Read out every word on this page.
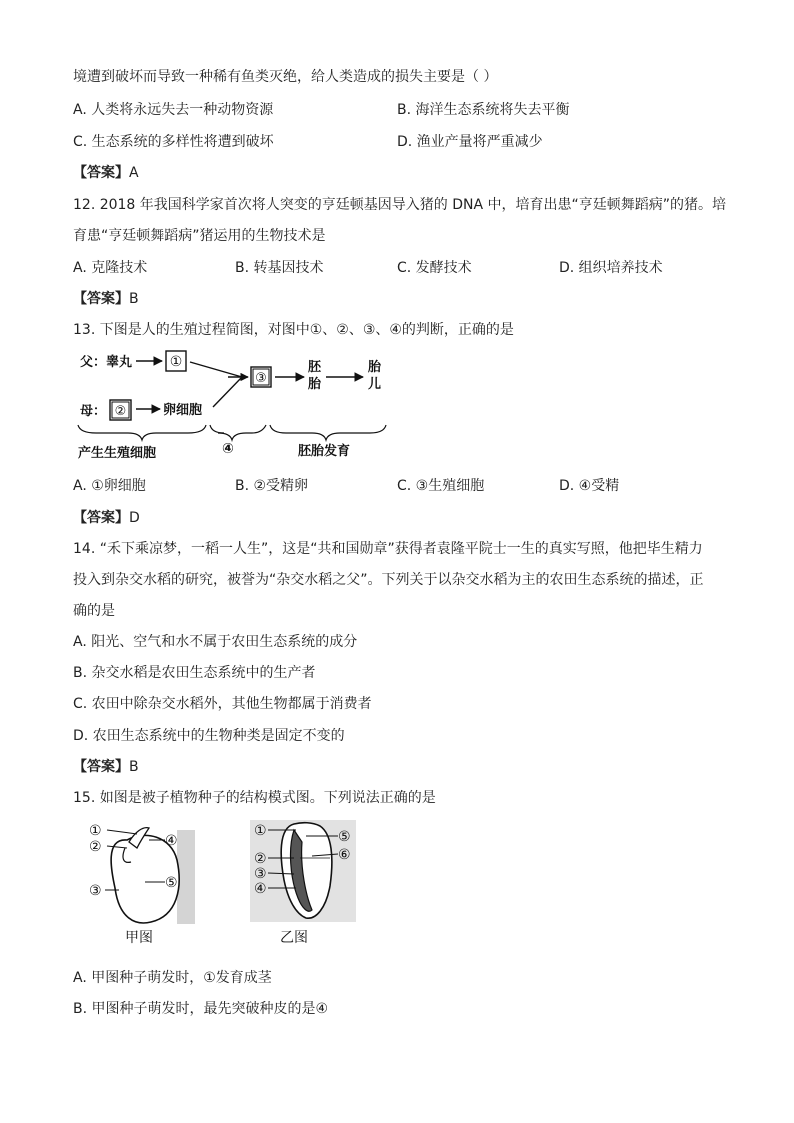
境遭到破坏而导致一种稀有鱼类灭绝，给人类造成的损失主要是（ ）
A. 人类将永远失去一种动物资源	B. 海洋生态系统将失去平衡
C. 生态系统的多样性将遭到破坏	D. 渔业产量将严重减少
【答案】A
12. 2018 年我国科学家首次将人突变的亨廷顿基因导入猪的 DNA 中，培育出患“亨廷顿舞蹈病”的猪。培
育患“亨廷顿舞蹈病”猪运用的生物技术是
A. 克隆技术	B. 转基因技术	C. 发酵技术	D. 组织培养技术
【答案】B
13. 下图是人的生殖过程简图，对图中①、②、③、④的判断，正确的是
父：睾丸	①
③
胚
胎
胎
儿
母： ②	卵细胞
产生生殖细胞	④	胚胎发育
A. ①卵细胞	B. ②受精卵	C. ③生殖细胞	D. ④受精
【答案】D
14. “禾下乘凉梦，一稻一人生”，这是“共和国勋章”获得者袁隆平院士一生的真实写照，他把毕生精力
投入到杂交水稻的研究，被誉为“杂交水稻之父”。下列关于以杂交水稻为主的农田生态系统的描述，正
确的是
A. 阳光、空气和水不属于农田生态系统的成分
B. 杂交水稻是农田生态系统中的生产者
C. 农田中除杂交水稻外，其他生物都属于消费者
D. 农田生态系统中的生物种类是固定不变的
【答案】B
15. 如图是被子植物种子的结构模式图。下列说法正确的是
①
②	④
③	⑤
甲图
①	⑤
⑥
②
③
④
乙图
A. 甲图种子萌发时，①发育成茎
B. 甲图种子萌发时，最先突破种皮的是④
